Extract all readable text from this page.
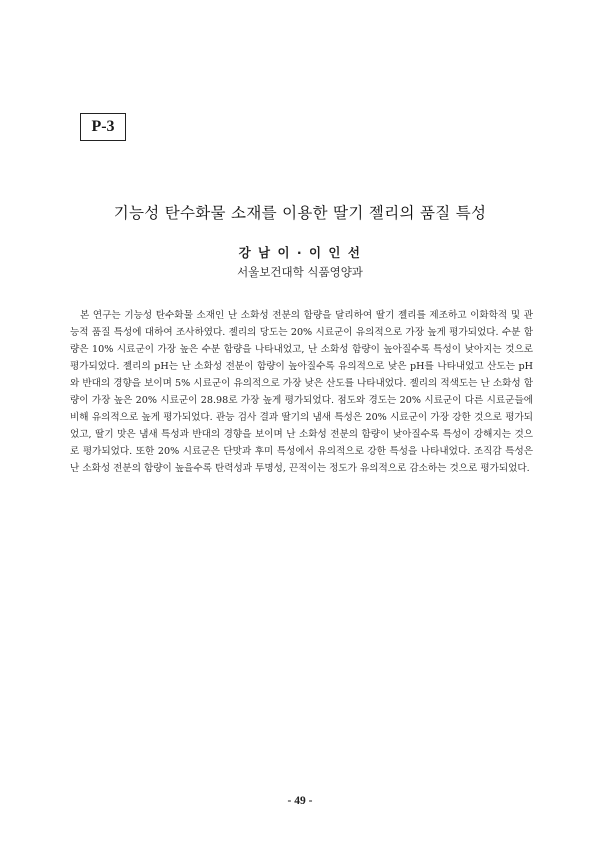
P-3
기능성 탄수화물 소재를 이용한 딸기 젤리의 품질 특성
강 남 이 · 이 인 선
서울보건대학 식품영양과

본 연구는 기능성 탄수화물 소재인 난 소화성 전분의 함량을 달리하여 딸기 젤리를 제조하고 이화학적 및 관능적 품질 특성에 대하여 조사하였다. 젤리의 당도는 20% 시료군이 유의적으로 가장 높게 평가되었다. 수분 함량은 10% 시료군이 가장 높은 수분 함량을 나타내었고, 난 소화성 함량이 높아질수록 특성이 낮아지는 것으로 평가되었다. 젤리의 pH는 난 소화성 전분이 함량이 높아질수록 유의적으로 낮은 pH를 나타내었고 산도는 pH와 반대의 경향을 보이며 5% 시료군이 유의적으로 가장 낮은 산도를 나타내었다. 젤리의 적색도는 난 소화성 함량이 가장 높은 20% 시료군이 28.98로 가장 높게 평가되었다. 점도와 경도는 20% 시료군이 다른 시료군들에 비해 유의적으로 높게 평가되었다. 관능 검사 결과 딸기의 냄새 특성은 20% 시료군이 가장 강한 것으로 평가되었고, 딸기 맛은 냄새 특성과 반대의 경향을 보이며 난 소화성 전분의 함량이 낮아질수록 특성이 강해지는 것으로 평가되었다. 또한 20% 시료군은 단맛과 후미 특성에서 유의적으로 강한 특성을 나타내었다. 조직감 특성은 난 소화성 전분의 함량이 높을수록 탄력성과 투명성, 끈적이는 정도가 유의적으로 감소하는 것으로 평가되었다.

- 49 -
